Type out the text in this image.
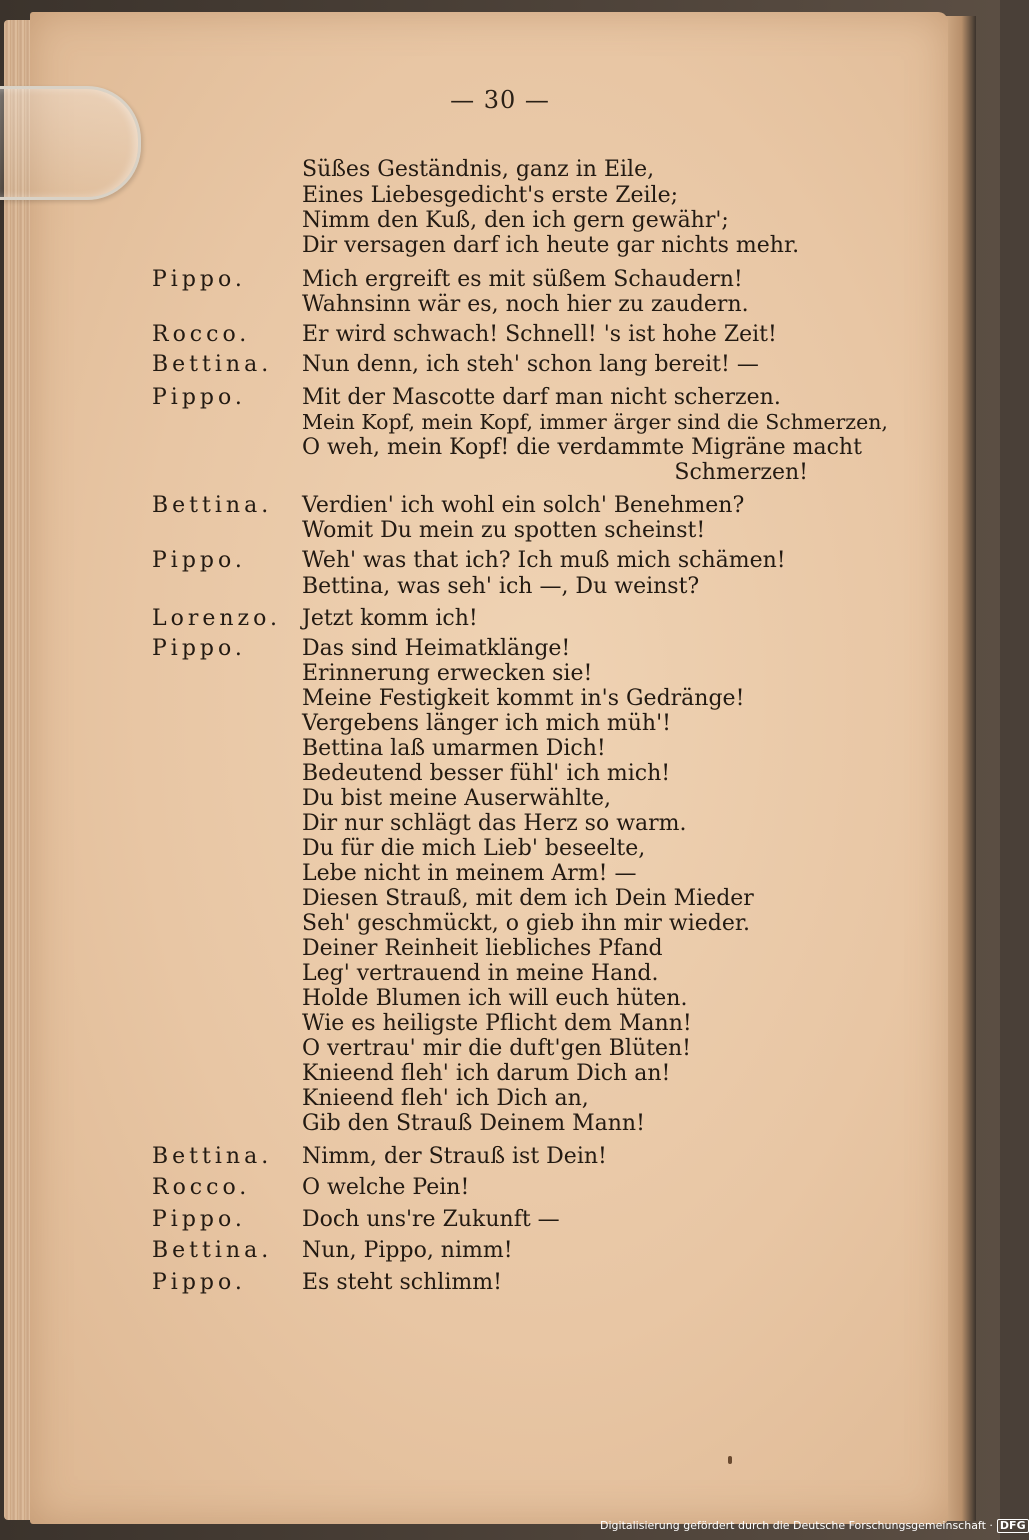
— 30 —
Süßes Geständnis, ganz in Eile,
Eines Liebesgedicht's erste Zeile;
Nimm den Kuß, den ich gern gewähr';
Dir versagen darf ich heute gar nichts mehr.
Pippo.	Mich ergreift es mit süßem Schaudern!
Wahnsinn wär es, noch hier zu zaudern.
Rocco. Er wird schwach! Schnell! 's ist hohe Zeit!
Bettina. Nun denn, ich steh' schon lang bereit! —
Pippo.	Mit der Mascotte darf man nicht scherzen.
Mein Kopf, mein Kopf, immer ärger sind die Schmerzen,
O weh, mein Kopf! die verdammte Migräne macht
Schmerzen!
Bettina. Verdien' ich wohl ein solch' Benehmen?
Womit Du mein zu spotten scheinst!
Pippo.	Weh' was that ich? Ich muß mich schämen!
Bettina, was seh' ich —, Du weinst?
Lorenzo. Jetzt komm ich!
Pippo.	Das sind Heimatklänge!
Erinnerung erwecken sie!
Meine Festigkeit kommt in's Gedränge!
Vergebens länger ich mich müh'!
Bettina laß umarmen Dich!
Bedeutend besser fühl' ich mich!
Du bist meine Auserwählte,
Dir nur schlägt das Herz so warm.
Du für die mich Lieb' beseelte,
Lebe nicht in meinem Arm! —
Diesen Strauß, mit dem ich Dein Mieder
Seh' geschmückt, o gieb ihn mir wieder.
Deiner Reinheit liebliches Pfand
Leg' vertrauend in meine Hand.
Holde Blumen ich will euch hüten.
Wie es heiligste Pflicht dem Mann!
O vertrau' mir die duft'gen Blüten!
Knieend fleh' ich darum Dich an!
Knieend fleh' ich Dich an,
Gib den Strauß Deinem Mann!
Bettina. Nimm, der Strauß ist Dein!
Rocco. O welche Pein!
Pippo.	Doch uns're Zukunft —
Bettina. Nun, Pippo, nimm!
Pippo.	Es steht schlimm!
Digitalisierung gefördert durch die Deutsche Forschungsgemeinschaft · DFG
